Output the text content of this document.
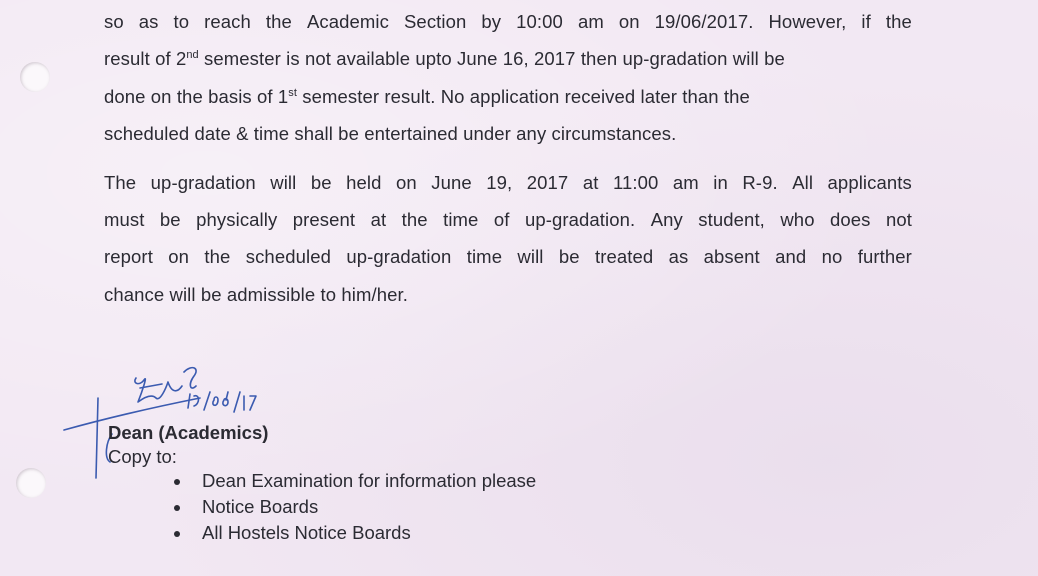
so as to reach the Academic Section by 10:00 am on 19/06/2017. However, if the
result of 2nd semester is not available upto June 16, 2017 then up-gradation will be
done on the basis of 1st semester result. No application received later than the
scheduled date & time shall be entertained under any circumstances.
The up-gradation will be held on June 19, 2017 at 11:00 am in R-9. All applicants
must be physically present at the time of up-gradation. Any student, who does not
report on the scheduled up-gradation time will be treated as absent and no further
chance will be admissible to him/her.
Dean (Academics)
Copy to:
Dean Examination for information please
Notice Boards
All Hostels Notice Boards
